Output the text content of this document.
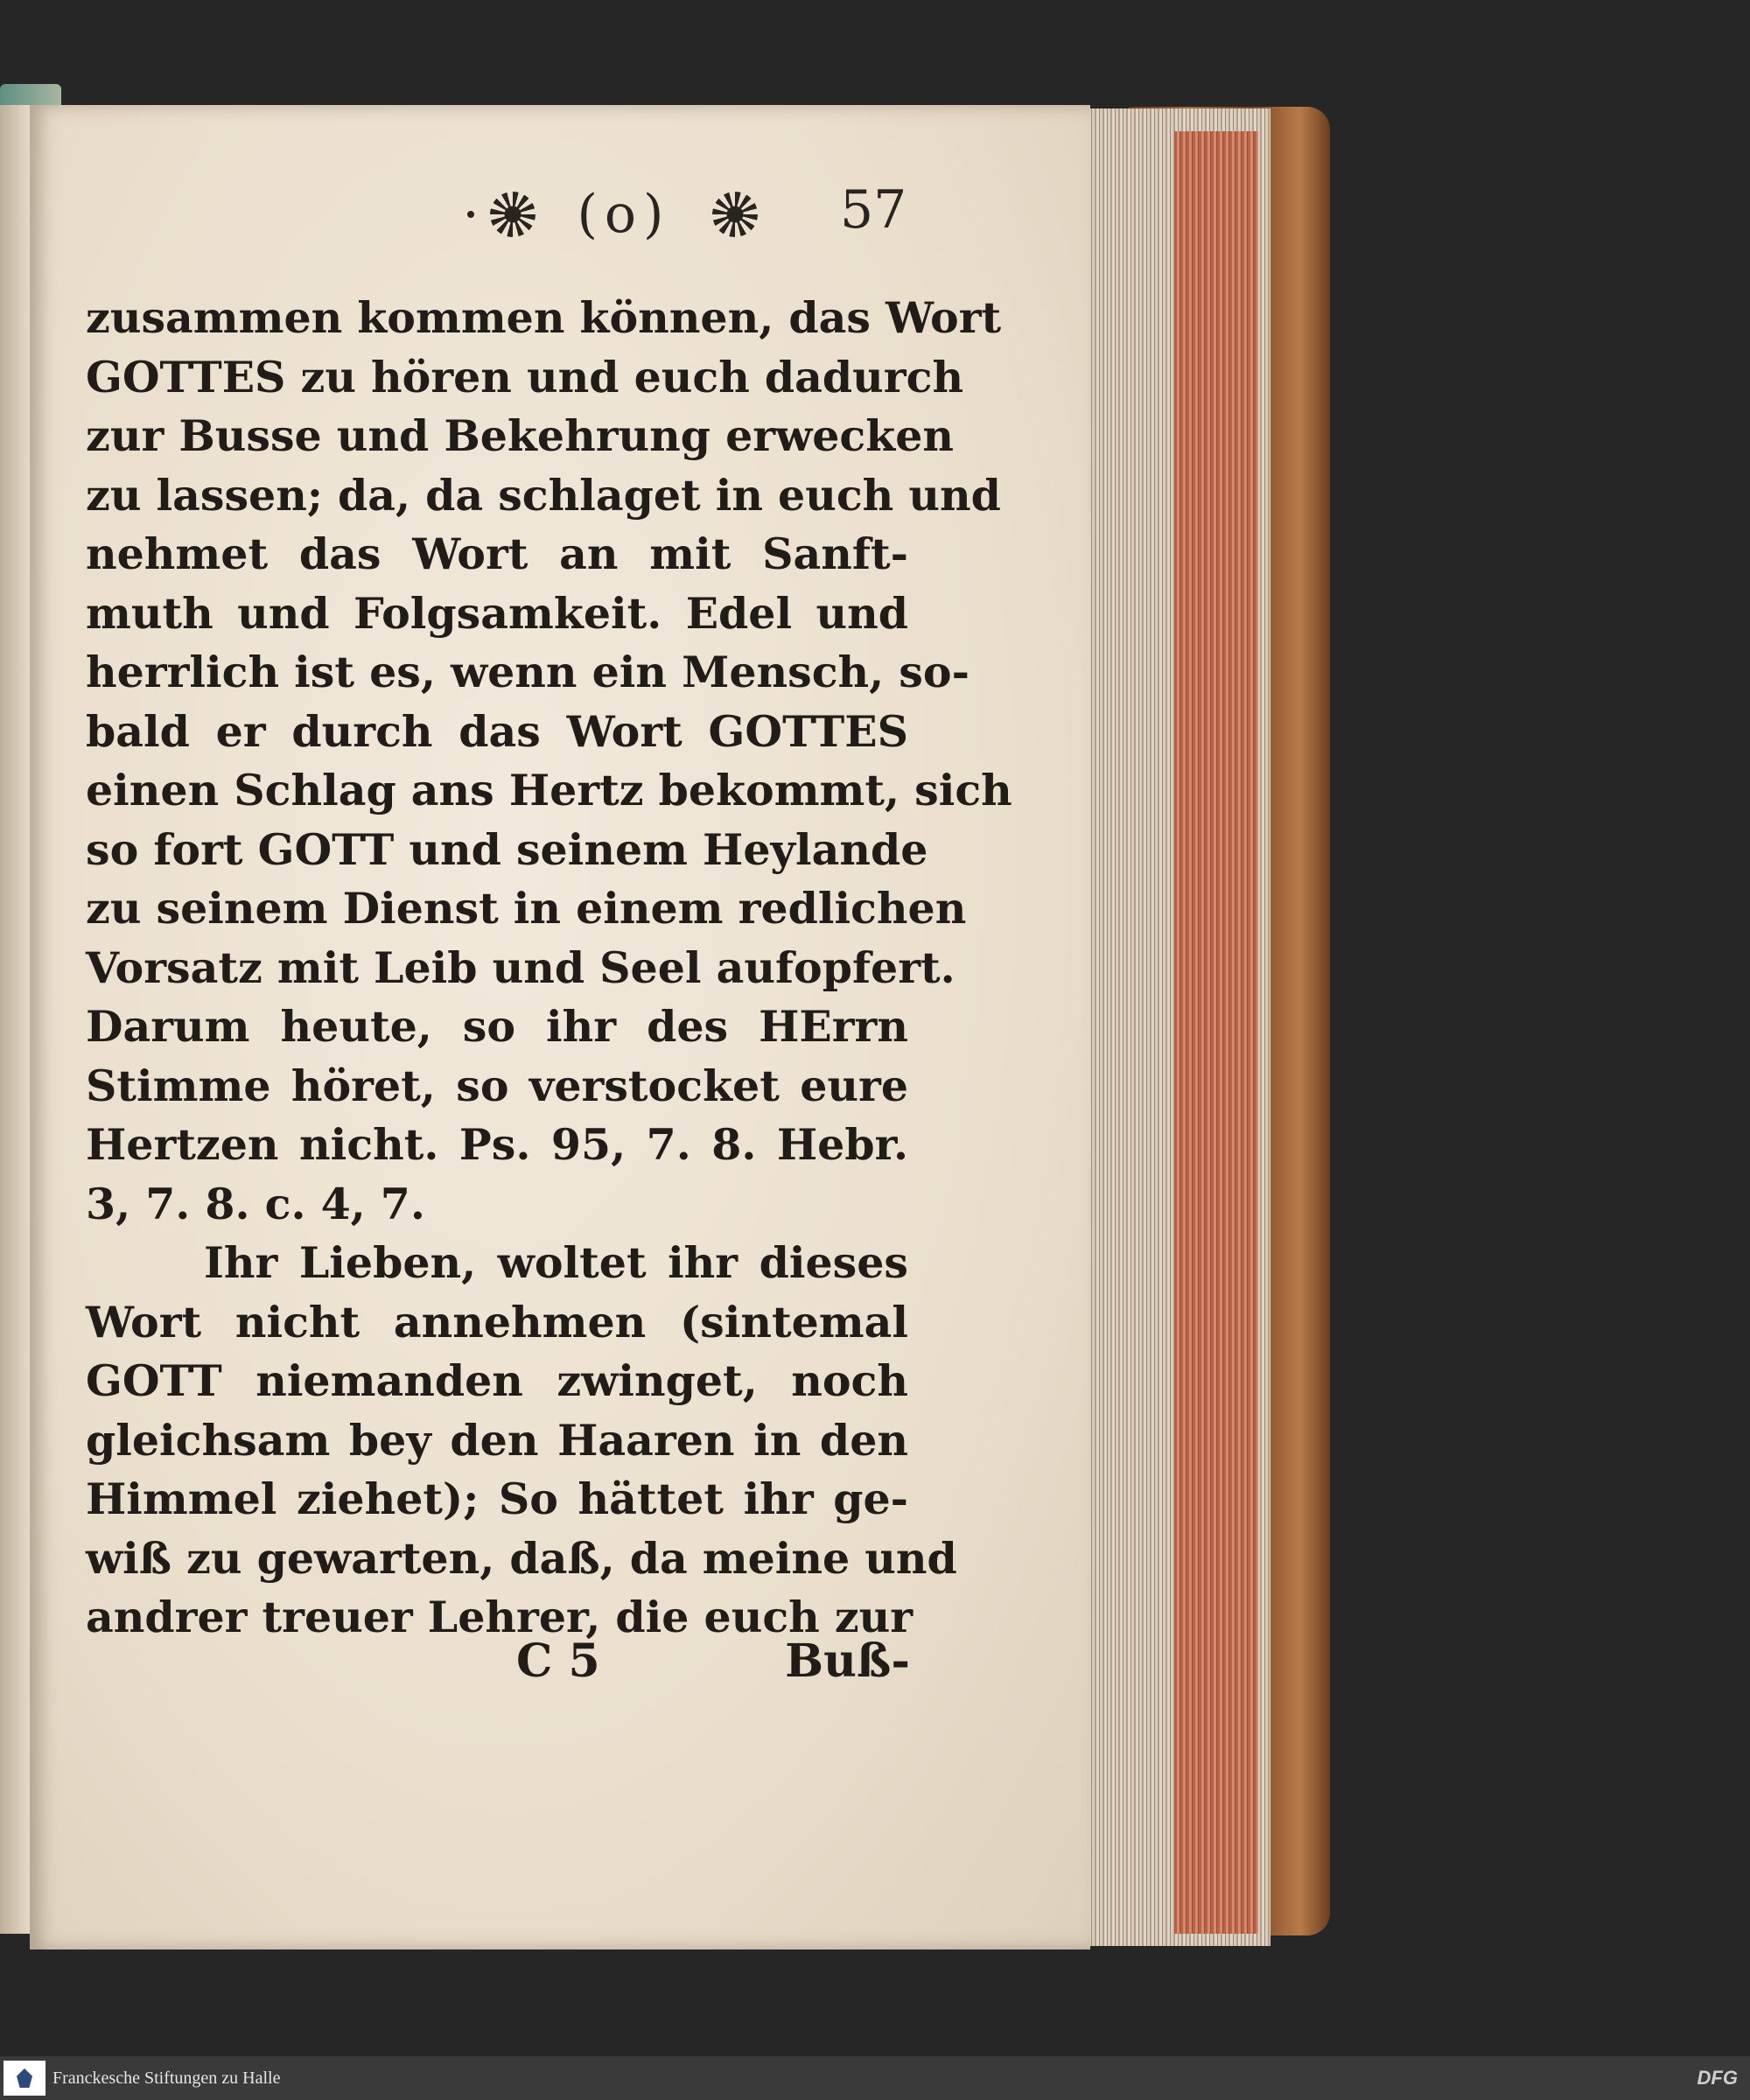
(o)	57
zusammen kommen können, das Wort
GOTTES zu hören und euch dadurch
zur Busse und Bekehrung erwecken
zu lassen; da, da schlaget in euch und
nehmet das Wort an mit Sanft-
muth und Folgsamkeit. Edel und
herrlich ist es, wenn ein Mensch, so-
bald er durch das Wort GOTTES
einen Schlag ans Hertz bekommt, sich
so fort GOTT und seinem Heylande
zu seinem Dienst in einem redlichen
Vorsatz mit Leib und Seel aufopfert.
Darum heute, so ihr des HErrn
Stimme höret, so verstocket eure
Hertzen nicht. Ps. 95, 7. 8. Hebr.
3, 7. 8. c. 4, 7.
Ihr Lieben, woltet ihr dieses
Wort nicht annehmen (sintemal
GOTT niemanden zwinget, noch
gleichsam bey den Haaren in den
Himmel ziehet); So hättet ihr ge-
wiß zu gewarten, daß, da meine und
andrer treuer Lehrer, die euch zur
C 5	Buß-
Franckesche Stiftungen zu Halle	DFG
